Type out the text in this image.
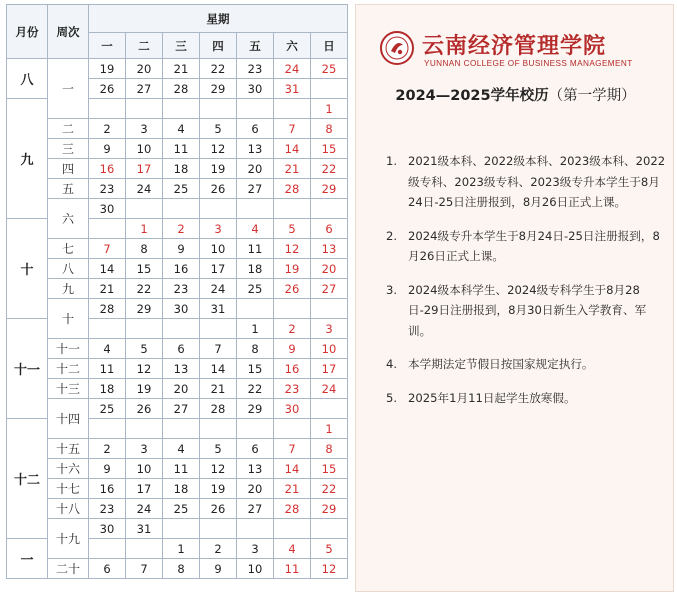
月份	周次	星期						
		一	二	三	四	五	六	日
八	一	19	20	21	22	23	24	25
		26	27	28	29	30	31	
九								1
	二	2	3	4	5	6	7	8
	三	9	10	11	12	13	14	15
	四	16	17	18	19	20	21	22
	五	23	24	25	26	27	28	29
	六	30						
十			1	2	3	4	5	6
	七	7	8	9	10	11	12	13
	八	14	15	16	17	18	19	20
	九	21	22	23	24	25	26	27
	十	28	29	30	31			
十一						1	2	3
	十一	4	5	6	7	8	9	10
	十二	11	12	13	14	15	16	17
	十三	18	19	20	21	22	23	24
	十四	25	26	27	28	29	30	
十二								1
	十五	2	3	4	5	6	7	8
	十六	9	10	11	12	13	14	15
	十七	16	17	18	19	20	21	22
	十八	23	24	25	26	27	28	29
	十九	30	31					
一				1	2	3	4	5
	二十	6	7	8	9	10	11	12
云南经济管理学院
YUNNAN COLLEGE OF BUSINESS MANAGEMENT
2024—2025学年校历（第一学期）
1. 2021级本科、2022级本科、2023级本科、2022级专科、2023级专科、2023级专升本学生于8月24日-25日注册报到，8月26日正式上课。
2. 2024级专升本学生于8月24日-25日注册报到，8月26日正式上课。
3. 2024级本科学生、2024级专科学生于8月28日-29日注册报到，8月30日新生入学教育、军训。
4. 本学期法定节假日按国家规定执行。
5. 2025年1月11日起学生放寒假。
